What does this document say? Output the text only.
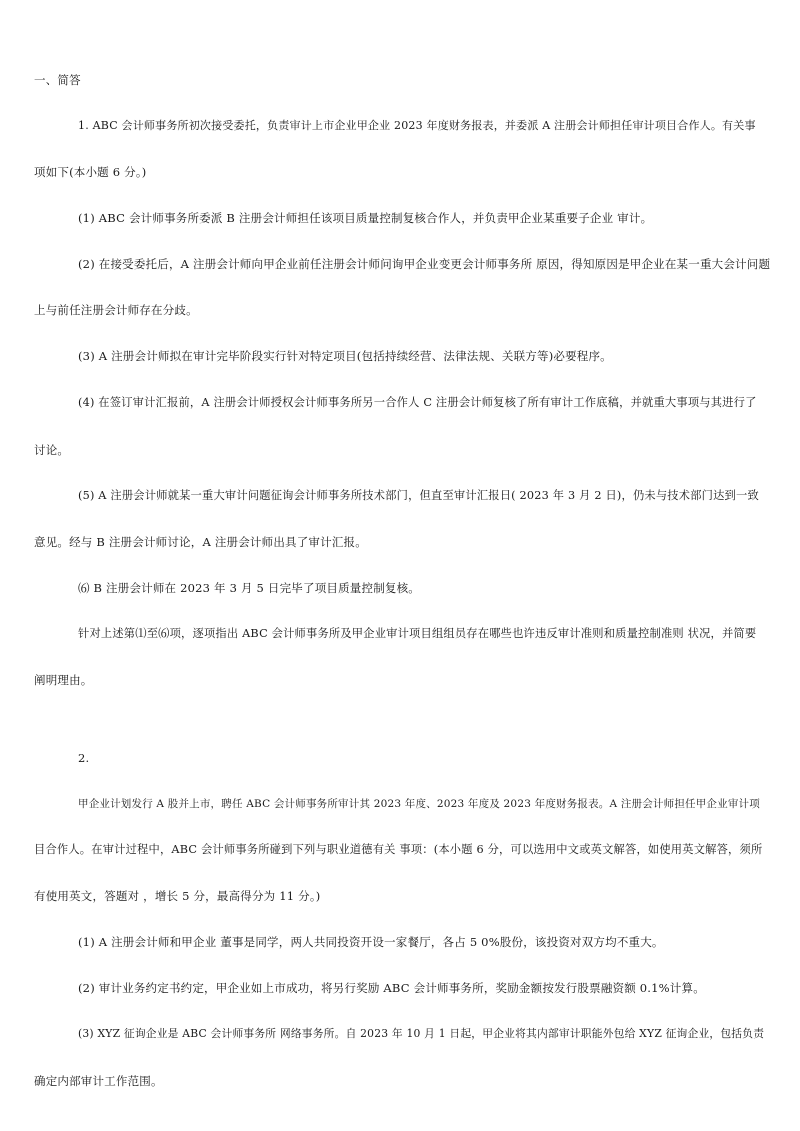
一、简答
1. ABC 会计师事务所初次接受委托，负责审计上市企业甲企业 2023 年度财务报表，并委派 A 注册会计师担任审计项目合作人。有关事
项如下(本小题 6 分。)
(1) ABC 会计师事务所委派 B 注册会计师担任该项目质量控制复核合作人，并负责甲企业某重要子企业 审计。
(2) 在接受委托后，A 注册会计师向甲企业前任注册会计师问询甲企业变更会计师事务所 原因，得知原因是甲企业在某一重大会计问题
上与前任注册会计师存在分歧。
(3) A 注册会计师拟在审计完毕阶段实行针对特定项目(包括持续经营、法律法规、关联方等)必要程序。
(4) 在签订审计汇报前，A 注册会计师授权会计师事务所另一合作人 C 注册会计师复核了所有审计工作底稿，并就重大事项与其进行了
讨论。
(5) A 注册会计师就某一重大审计问题征询会计师事务所技术部门，但直至审计汇报日( 2023 年 3 月 2 日)，仍未与技术部门达到一致
意见。经与 B 注册会计师讨论，A 注册会计师出具了审计汇报。
⑹ B 注册会计师在 2023 年 3 月 5 日完毕了项目质量控制复核。
针对上述第⑴至⑹项，逐项指出 ABC 会计师事务所及甲企业审计项目组组员存在哪些也许违反审计准则和质量控制准则 状况，并简要
阐明理由。
2.
甲企业计划发行 A 股并上市，聘任 ABC 会计师事务所审计其 2023 年度、2023 年度及 2023 年度财务报表。A 注册会计师担任甲企业审计项
目合作人。在审计过程中，ABC 会计师事务所碰到下列与职业道德有关 事项：(本小题 6 分，可以选用中文或英文解答，如使用英文解答，须所
有使用英文，答题对 ，增长 5 分，最高得分为 11 分。)
(1) A 注册会计师和甲企业 董事是同学，两人共同投资开设一家餐厅，各占 5 0%股份，该投资对双方均不重大。
(2) 审计业务约定书约定，甲企业如上市成功，将另行奖励 ABC 会计师事务所，奖励金额按发行股票融资额 0.1%计算。
(3) XYZ 征询企业是 ABC 会计师事务所 网络事务所。自 2023 年 10 月 1 日起，甲企业将其内部审计职能外包给 XYZ 征询企业，包括负责
确定内部审计工作范围。
